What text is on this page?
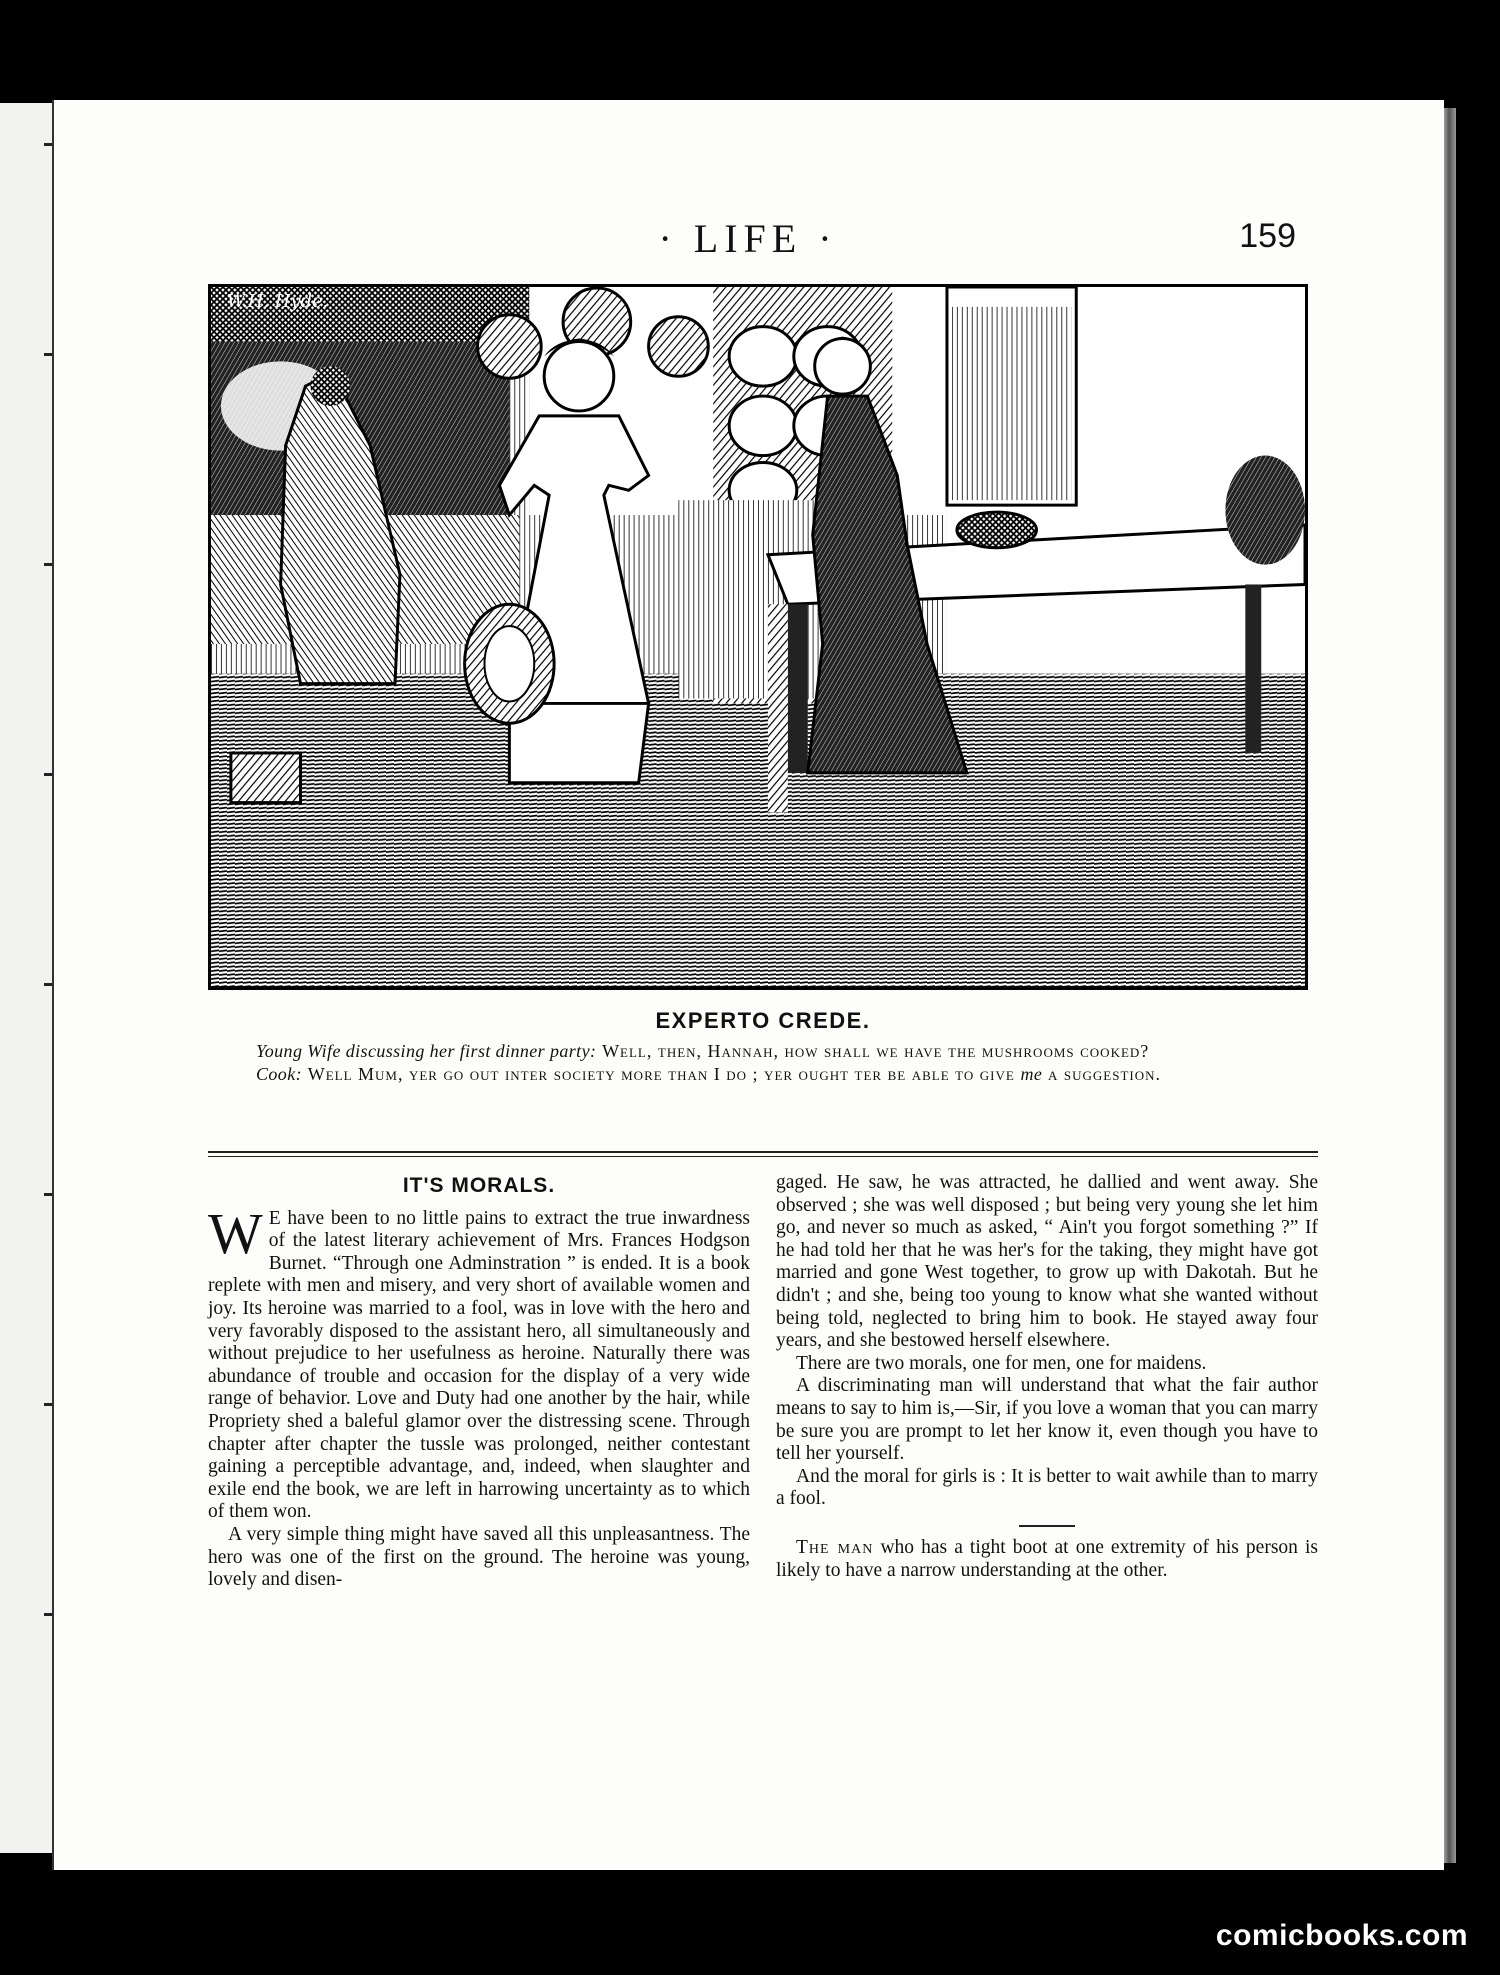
· LIFE ·	159
W.H. Hyde.
EXPERTO CREDE.
Young Wife discussing her first dinner party: Well, then, Hannah, how shall we have the mushrooms cooked?
Cook: Well Mum, yer go out inter society more than I do ; yer ought ter be able to give me a suggestion.
IT'S MORALS.

W E have been to no little pains to extract the true inwardness of the latest literary achievement of Mrs. Frances Hodgson Burnet. “Through one Adminstration ” is ended. It is a book replete with men and misery, and very short of available women and joy. Its heroine was married to a fool, was in love with the hero and very favorably disposed to the assistant hero, all simultaneously and without prejudice to her usefulness as heroine. Naturally there was abundance of trouble and occasion for the display of a very wide range of behavior. Love and Duty had one another by the hair, while Propriety shed a baleful glamor over the distressing scene. Through chapter after chapter the tussle was prolonged, neither contestant gaining a perceptible advantage, and, indeed, when slaughter and exile end the book, we are left in harrowing uncertainty as to which of them won.

A very simple thing might have saved all this unpleasantness. The hero was one of the first on the ground. The heroine was young, lovely and disen-

gaged. He saw, he was attracted, he dallied and went away. She observed ; she was well disposed ; but being very young she let him go, and never so much as asked, “ Ain't you forgot something ?” If he had told her that he was her's for the taking, they might have got married and gone West together, to grow up with Dakotah. But he didn't ; and she, being too young to know what she wanted without being told, neglected to bring him to book. He stayed away four years, and she bestowed herself elsewhere.

There are two morals, one for men, one for maidens.

A discriminating man will understand that what the fair author means to say to him is,—Sir, if you love a woman that you can marry be sure you are prompt to let her know it, even though you have to tell her yourself.

And the moral for girls is : It is better to wait awhile than to marry a fool.

The man who has a tight boot at one extremity of his person is likely to have a narrow understanding at the other.

comicbooks.com
